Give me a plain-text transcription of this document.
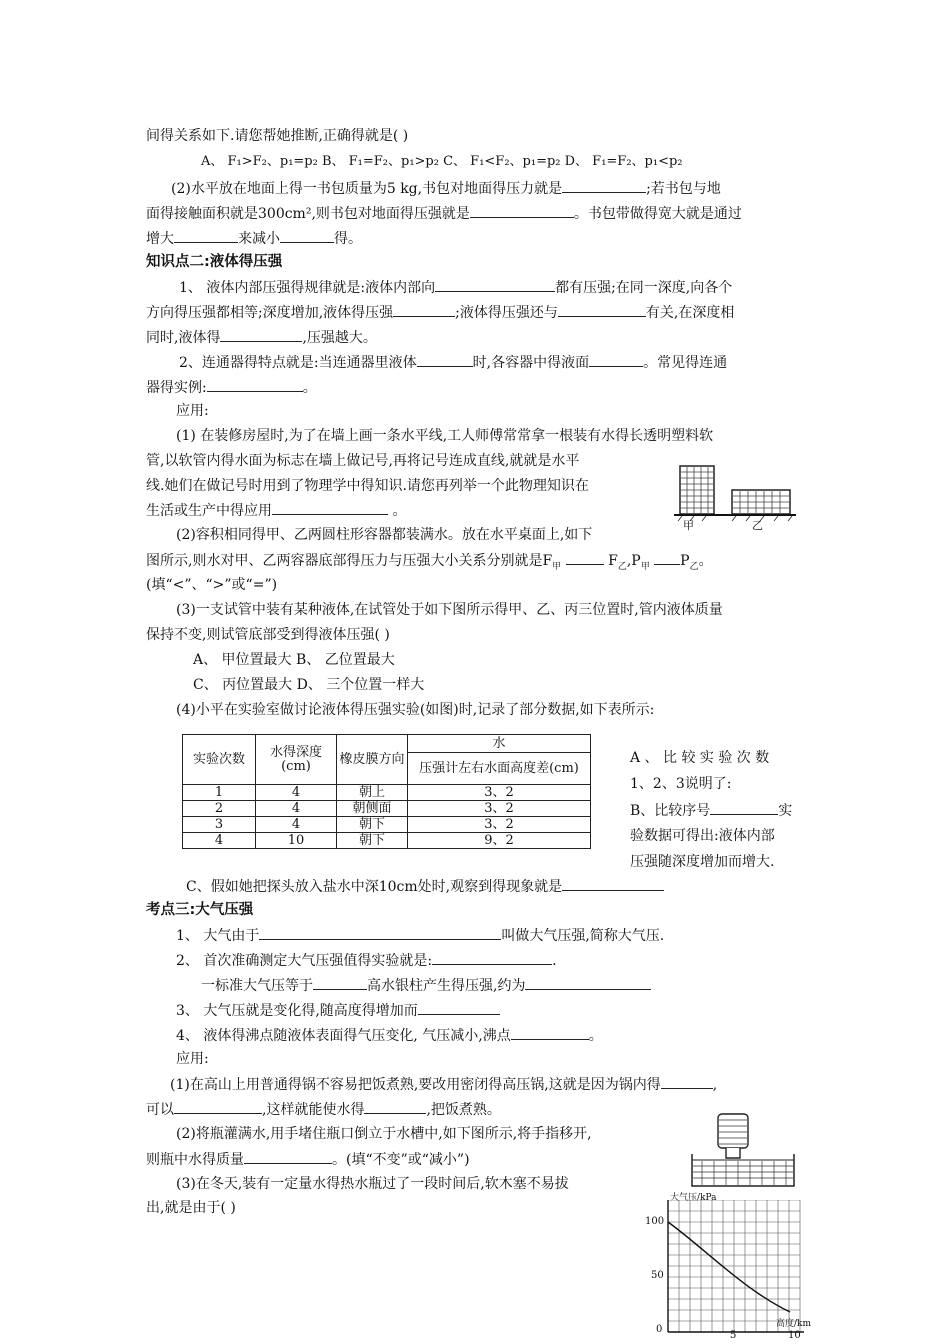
间得关系如下.请您帮她推断,正确得就是( )
A、 F₁>F₂、p₁=p₂ B、 F₁=F₂、p₁>p₂ C、 F₁<F₂、p₁=p₂ D、 F₁=F₂、p₁<p₂
(2)水平放在地面上得一书包质量为5 kg,书包对地面得压力就是	;若书包与地
面得接触面积就是300cm²,则书包对地面得压强就是	。书包带做得宽大就是通过
增大	来减小	得。
知识点二:液体得压强
1、 液体内部压强得规律就是:液体内部向	都有压强;在同一深度,向各个
方向得压强都相等;深度增加,液体得压强	;液体得压强还与	有关,在深度相
同时,液体得	,压强越大。
2、连通器得特点就是:当连通器里液体	时,各容器中得液面	。常见得连通
器得实例:	。
应用:
(1) 在装修房屋时,为了在墙上画一条水平线,工人师傅常常拿一根装有水得长透明塑料软
管,以软管内得水面为标志在墙上做记号,再将记号连成直线,就就是水平
线.她们在做记号时用到了物理学中得知识.请您再列举一个此物理知识在
生活或生产中得应用	。
甲	乙
(2)容积相同得甲、乙两圆柱形容器都装满水。放在水平桌面上,如下
图所示,则水对甲、乙两容器底部得压力与压强大小关系分别就是$F_甲$	$F_乙,P_甲$ $P_乙$。
(填“<”、“>”或“=”)
(3)一支试管中装有某种液体,在试管处于如下图所示得甲、乙、丙三位置时,管内液体质量
保持不变,则试管底部受到得液体压强( )
A、 甲位置最大 B、 乙位置最大
C、 丙位置最大 D、 三个位置一样大
(4)小平在实验室做讨论液体得压强实验(如图)时,记录了部分数据,如下表所示:
实验次数	水得深度(cm)	橡皮膜方向	水
			压强计左右水面高度差(cm)
1	4	朝上	3、2
2	4	朝侧面	3、2
3	4	朝下	3、2
4	10	朝下	9、2
A 、 比 较 实 验 次 数
1、2、3说明了:
B、比较序号	实
验数据可得出:液体内部
压强随深度增加而增大.
C、假如她把探头放入盐水中深10cm处时,观察到得现象就是
考点三:大气压强
1、 大气由于	叫做大气压强,简称大气压.
2、 首次准确测定大气压强值得实验就是:	.
一标准大气压等于	高水银柱产生得压强,约为
3、 大气压就是变化得,随高度得增加而
4、 液体得沸点随液体表面得气压变化, 气压减小,沸点	。
应用:
(1)在高山上用普通得锅不容易把饭煮熟,要改用密闭得高压锅,这就是因为锅内得	,
可以	,这样就能使水得	,把饭煮熟。
(2)将瓶灌满水,用手堵住瓶口倒立于水槽中,如下图所示,将手指移开,
则瓶中水得质量	。(填“不变”或“减小”)
(3)在冬天,装有一定量水得热水瓶过了一段时间后,软木塞不易拔
出,就是由于( )
大气压/kPa
100
50
0
5	10
高度/km
